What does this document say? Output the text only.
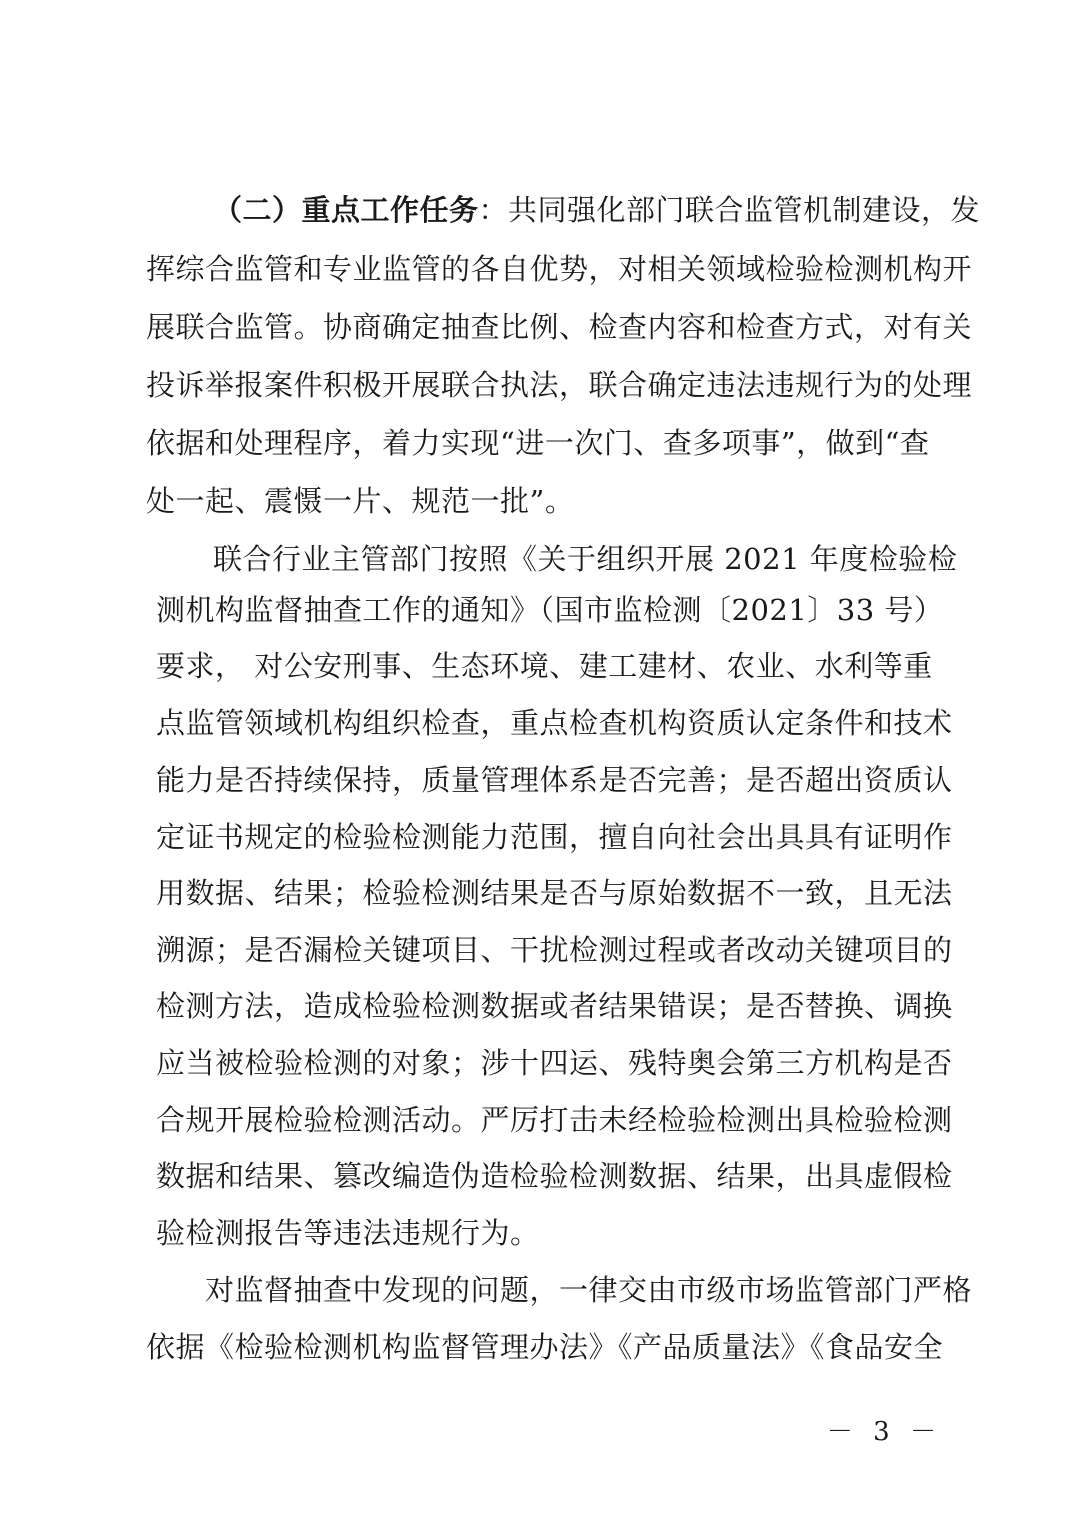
（二）重点工作任务：共同强化部门联合监管机制建设，发
挥综合监管和专业监管的各自优势，对相关领域检验检测机构开
展联合监管。协商确定抽查比例、检查内容和检查方式，对有关
投诉举报案件积极开展联合执法，联合确定违法违规行为的处理
依据和处理程序，着力实现“进一次门、查多项事”，做到“查
处一起、震慑一片、规范一批”。
联合行业主管部门按照《关于组织开展 2021 年度检验检
测机构监督抽查工作的通知》（国市监检测〔2021〕33 号）
要求， 对公安刑事、生态环境、建工建材、农业、水利等重
点监管领域机构组织检查，重点检查机构资质认定条件和技术
能力是否持续保持，质量管理体系是否完善；是否超出资质认
定证书规定的检验检测能力范围，擅自向社会出具具有证明作
用数据、结果；检验检测结果是否与原始数据不一致，且无法
溯源；是否漏检关键项目、干扰检测过程或者改动关键项目的
检测方法，造成检验检测数据或者结果错误；是否替换、调换
应当被检验检测的对象；涉十四运、残特奥会第三方机构是否
合规开展检验检测活动。严厉打击未经检验检测出具检验检测
数据和结果、篡改编造伪造检验检测数据、结果，出具虚假检
验检测报告等违法违规行为。
对监督抽查中发现的问题，一律交由市级市场监管部门严格
依据《检验检测机构监督管理办法》《产品质量法》《食品安全
－ 3 －
